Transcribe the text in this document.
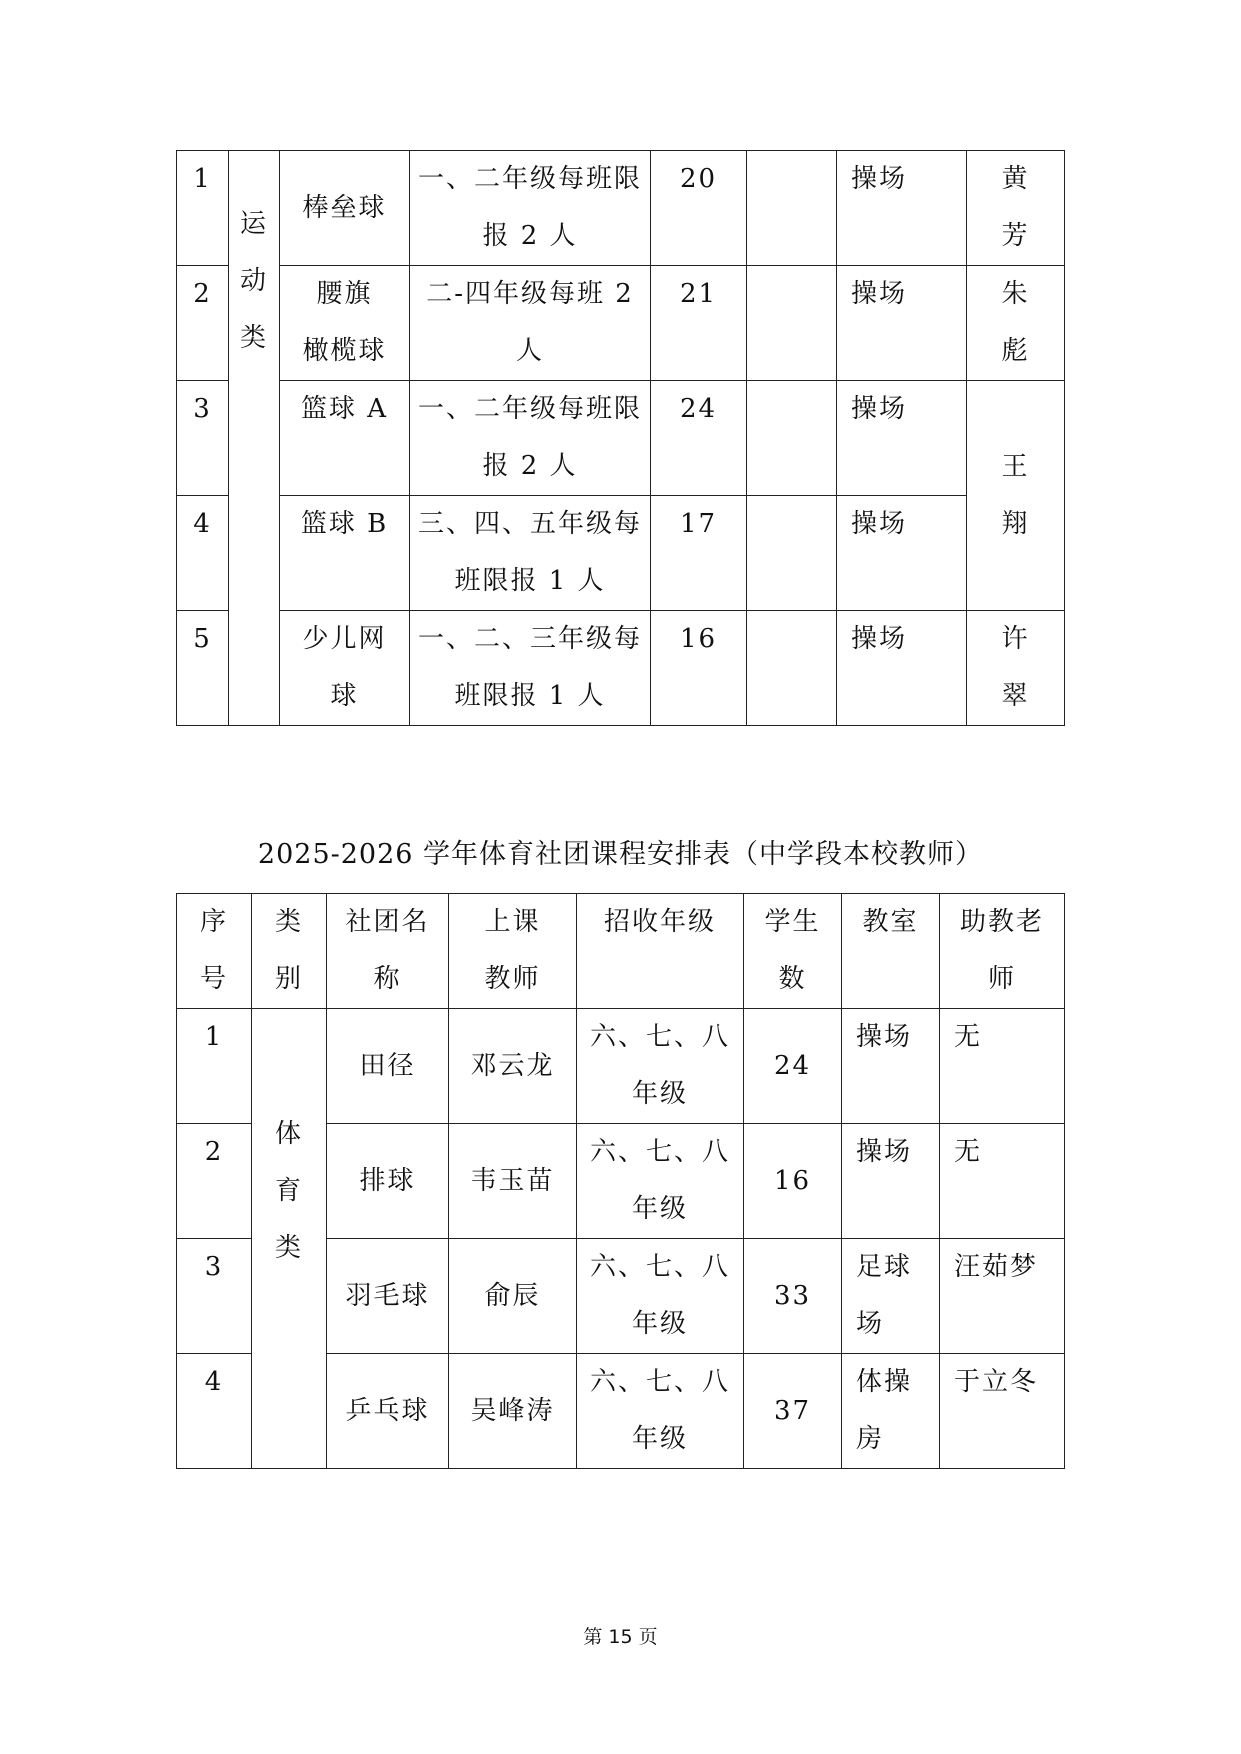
1	运
动
类	棒垒球	一、二年级每班限
报 2 人	20		操场	黄
芳

2		腰旗
橄榄球	二-四年级每班 2
人	21		操场	朱
彪

3		篮球 A	一、二年级每班限
报 2 人	24		操场	王
翔

4		篮球 B	三、四、五年级每
班限报 1 人	17		操场	
5		少儿网
球	一、二、三年级每
班限报 1 人	16		操场	许
翠
2025-2026 学年体育社团课程安排表（中学段本校教师）
序
号	类
别	社团名
称	上课
教师	招收年级	学生
数	教室	助教老
师

1	体
育
类	田径	邓云龙	六、七、八
年级	24	操场	无
2		排球	韦玉苗	六、七、八
年级	16	操场	无
3		羽毛球	俞辰	六、七、八
年级	33	足球
场	汪茹梦
4		乒乓球	吴峰涛	六、七、八
年级	37	体操
房	于立冬
第 15 页
